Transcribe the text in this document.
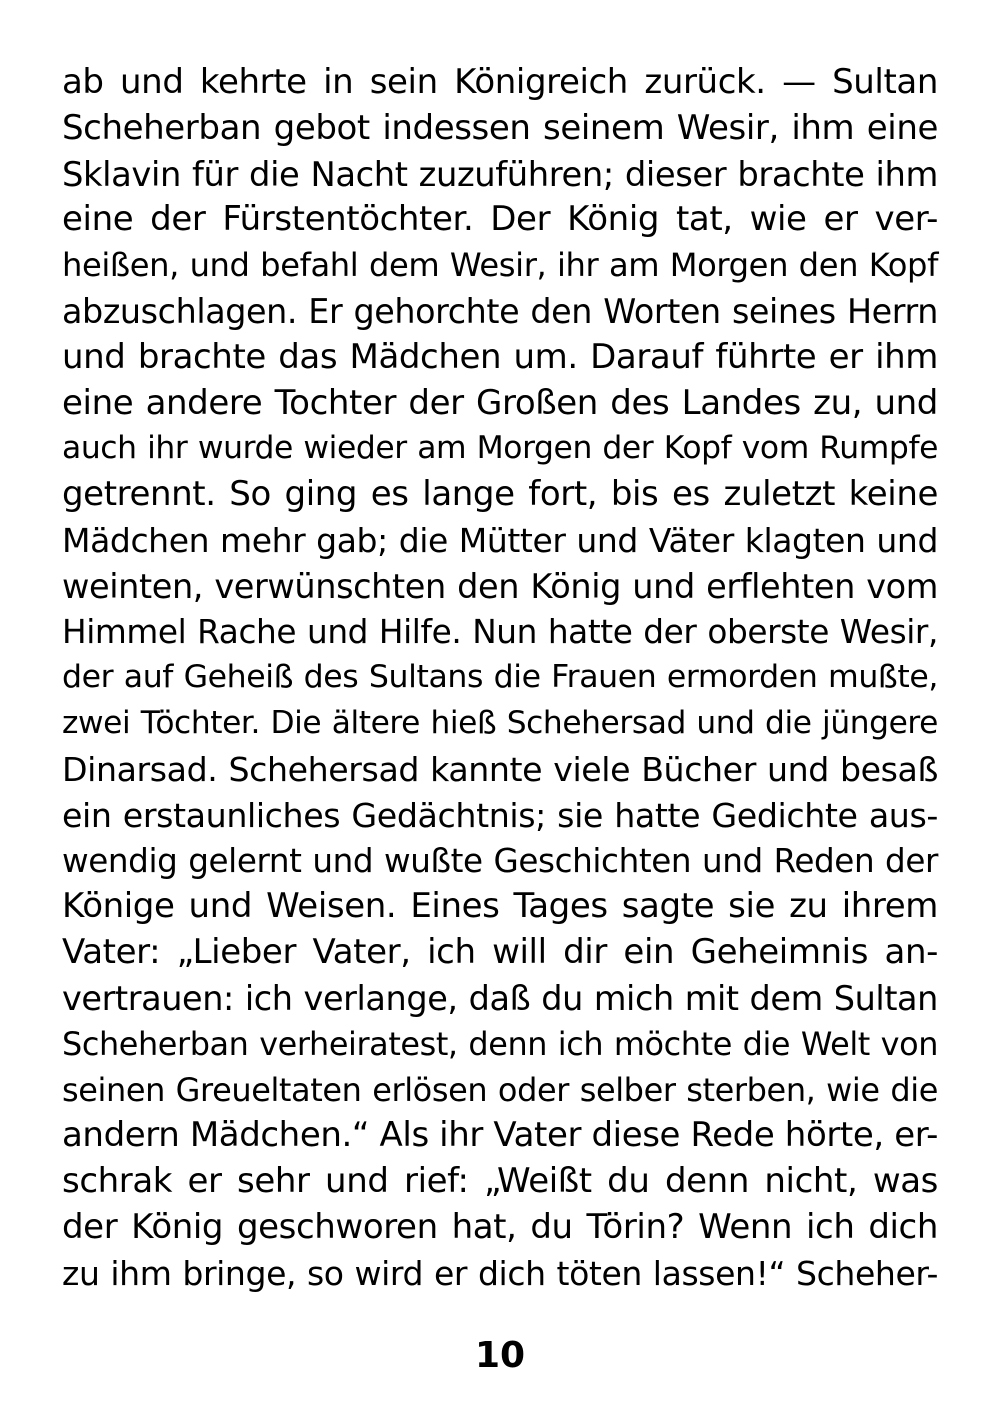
ab und kehrte in sein Königreich zurück. — Sultan
Scheherban gebot indessen seinem Wesir, ihm eine
Sklavin für die Nacht zuzuführen; dieser brachte ihm
eine der Fürstentöchter. Der König tat, wie er ver-
heißen, und befahl dem Wesir, ihr am Morgen den Kopf
abzuschlagen. Er gehorchte den Worten seines Herrn
und brachte das Mädchen um. Darauf führte er ihm
eine andere Tochter der Großen des Landes zu, und
auch ihr wurde wieder am Morgen der Kopf vom Rumpfe
getrennt. So ging es lange fort, bis es zuletzt keine
Mädchen mehr gab; die Mütter und Väter klagten und
weinten, verwünschten den König und erflehten vom
Himmel Rache und Hilfe. Nun hatte der oberste Wesir,
der auf Geheiß des Sultans die Frauen ermorden mußte,
zwei Töchter. Die ältere hieß Schehersad und die jüngere
Dinarsad. Schehersad kannte viele Bücher und besaß
ein erstaunliches Gedächtnis; sie hatte Gedichte aus-
wendig gelernt und wußte Geschichten und Reden der
Könige und Weisen. Eines Tages sagte sie zu ihrem
Vater: „Lieber Vater, ich will dir ein Geheimnis an-
vertrauen: ich verlange, daß du mich mit dem Sultan
Scheherban verheiratest, denn ich möchte die Welt von
seinen Greueltaten erlösen oder selber sterben, wie die
andern Mädchen.“ Als ihr Vater diese Rede hörte, er-
schrak er sehr und rief: „Weißt du denn nicht, was
der König geschworen hat, du Törin? Wenn ich dich
zu ihm bringe, so wird er dich töten lassen!“ Scheher-
10
